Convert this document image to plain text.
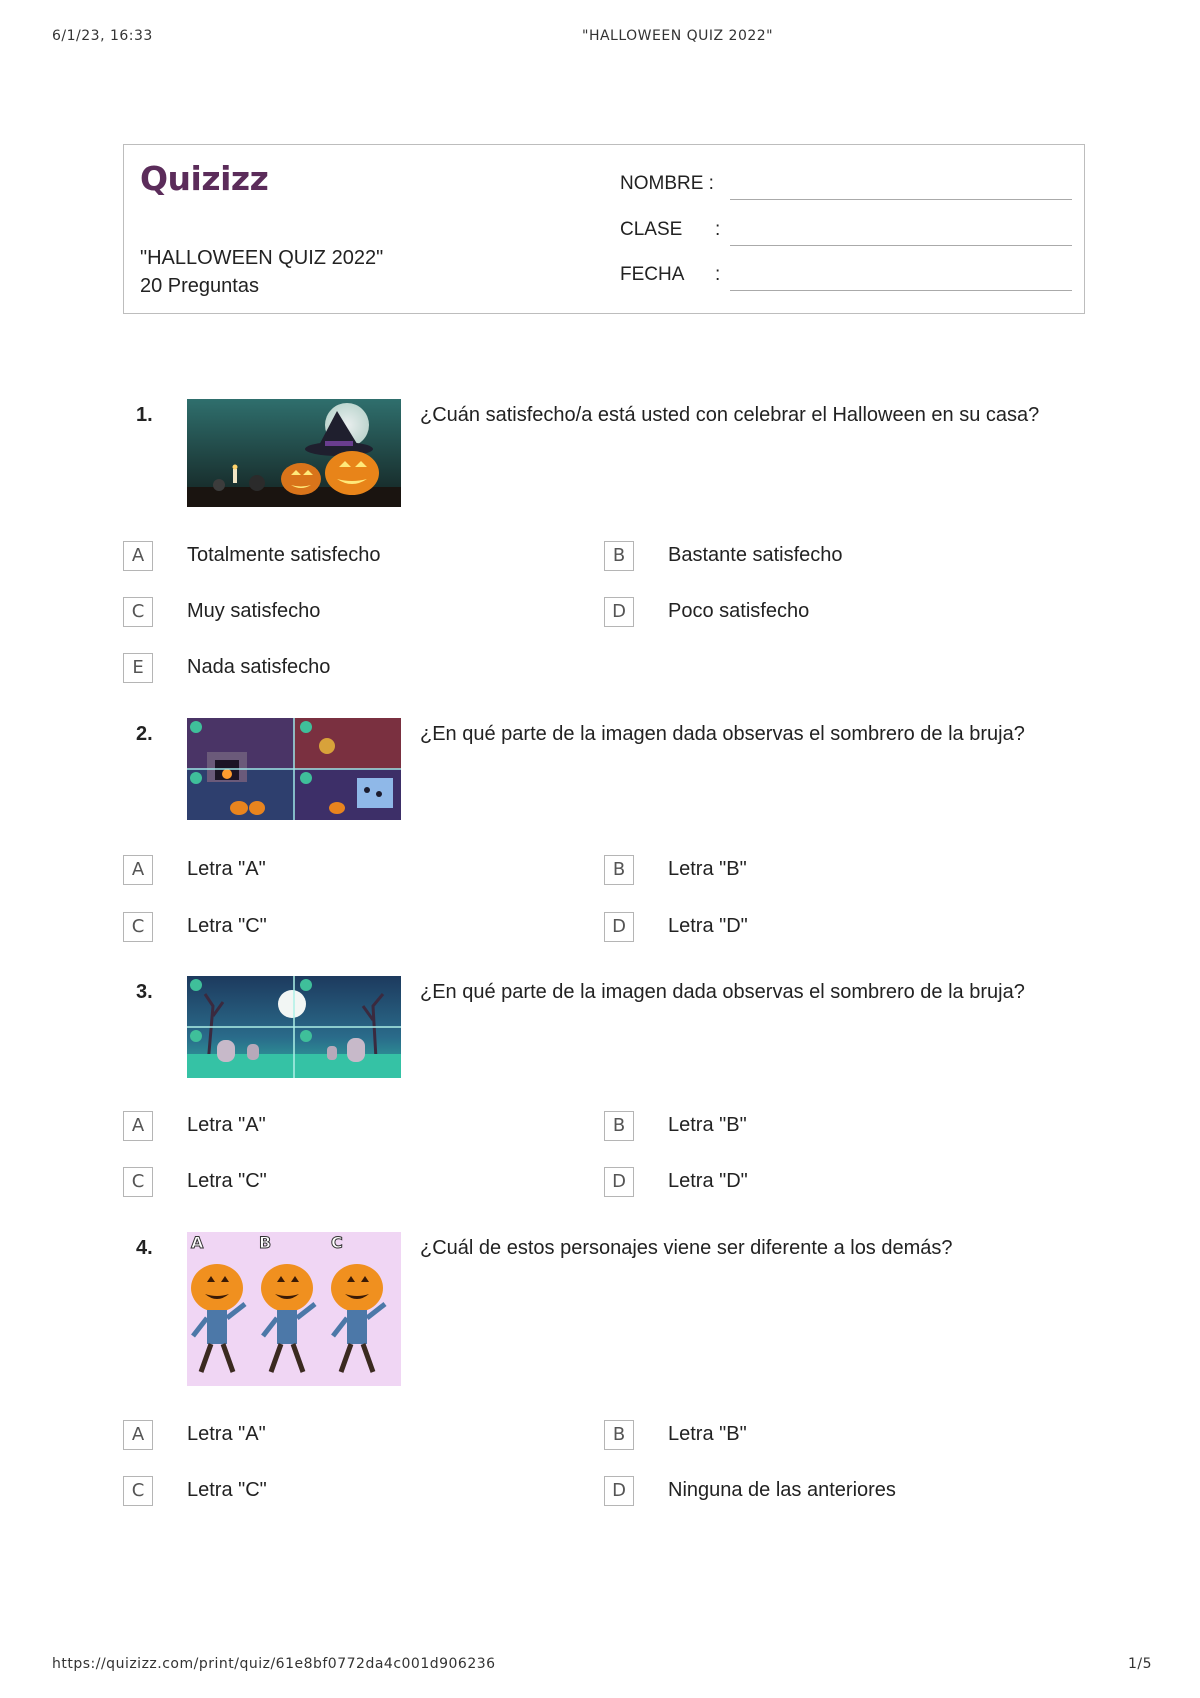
6/1/23, 16:33	"HALLOWEEN QUIZ 2022"
Quizizz
"HALLOWEEN QUIZ 2022"
20 Preguntas
NOMBRE :
CLASE :
FECHA :
1.	¿Cuán satisfecho/a está usted con celebrar el Halloween en su casa?
A	Totalmente satisfecho	B	Bastante satisfecho
C	Muy satisfecho	D	Poco satisfecho
E	Nada satisfecho
2.	¿En qué parte de la imagen dada observas el sombrero de la bruja?
A	Letra "A"	B	Letra "B"
C	Letra "C"	D	Letra "D"
3.	¿En qué parte de la imagen dada observas el sombrero de la bruja?
A	Letra "A"	B	Letra "B"
C	Letra "C"	D	Letra "D"
4. A	B	C	¿Cuál de estos personajes viene ser diferente a los demás?
A	Letra "A"	B	Letra "B"
C	Letra "C"	D	Ninguna de las anteriores
https://quizizz.com/print/quiz/61e8bf0772da4c001d906236	1/5
